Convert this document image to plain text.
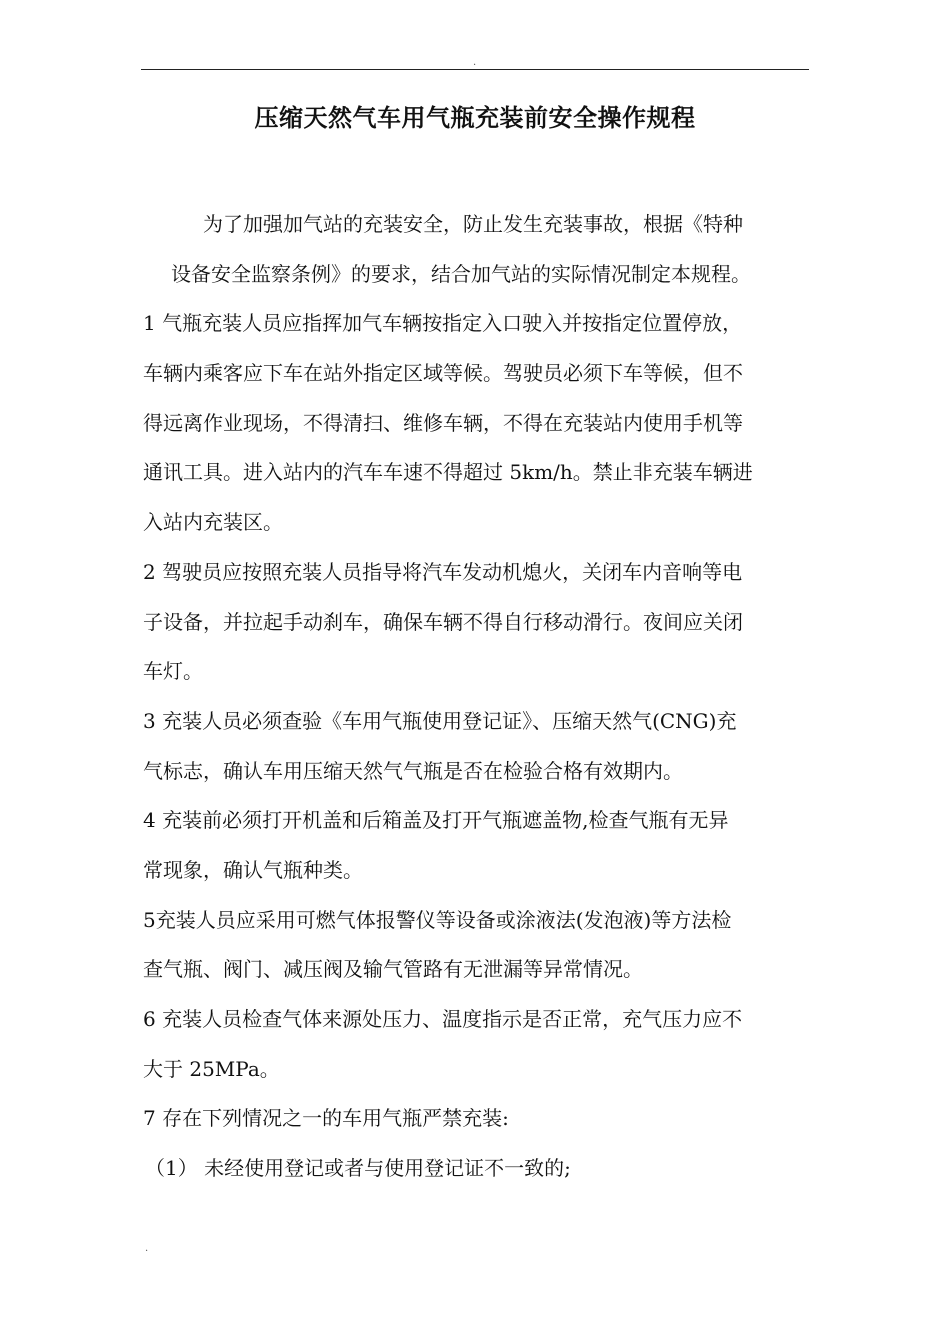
.
压缩天然气车用气瓶充装前安全操作规程
为了加强加气站的充装安全，防止发生充装事故，根据《特种
设备安全监察条例》的要求，结合加气站的实际情况制定本规程。
1 气瓶充装人员应指挥加气车辆按指定入口驶入并按指定位置停放，
车辆内乘客应下车在站外指定区域等候。驾驶员必须下车等候，但不
得远离作业现场，不得清扫、维修车辆，不得在充装站内使用手机等
通讯工具。进入站内的汽车车速不得超过 5km/h。禁止非充装车辆进
入站内充装区。
2 驾驶员应按照充装人员指导将汽车发动机熄火，关闭车内音响等电
子设备，并拉起手动刹车，确保车辆不得自行移动滑行。夜间应关闭
车灯。
3 充装人员必须查验《车用气瓶使用登记证》、压缩天然气(CNG)充
气标志，确认车用压缩天然气气瓶是否在检验合格有效期内。
4 充装前必须打开机盖和后箱盖及打开气瓶遮盖物,检查气瓶有无异
常现象，确认气瓶种类。
5充装人员应采用可燃气体报警仪等设备或涂液法(发泡液)等方法检
查气瓶、阀门、减压阀及输气管路有无泄漏等异常情况。
6 充装人员检查气体来源处压力、温度指示是否正常，充气压力应不
大于 25MPa。
7 存在下列情况之一的车用气瓶严禁充装:
（1） 未经使用登记或者与使用登记证不一致的;
.
